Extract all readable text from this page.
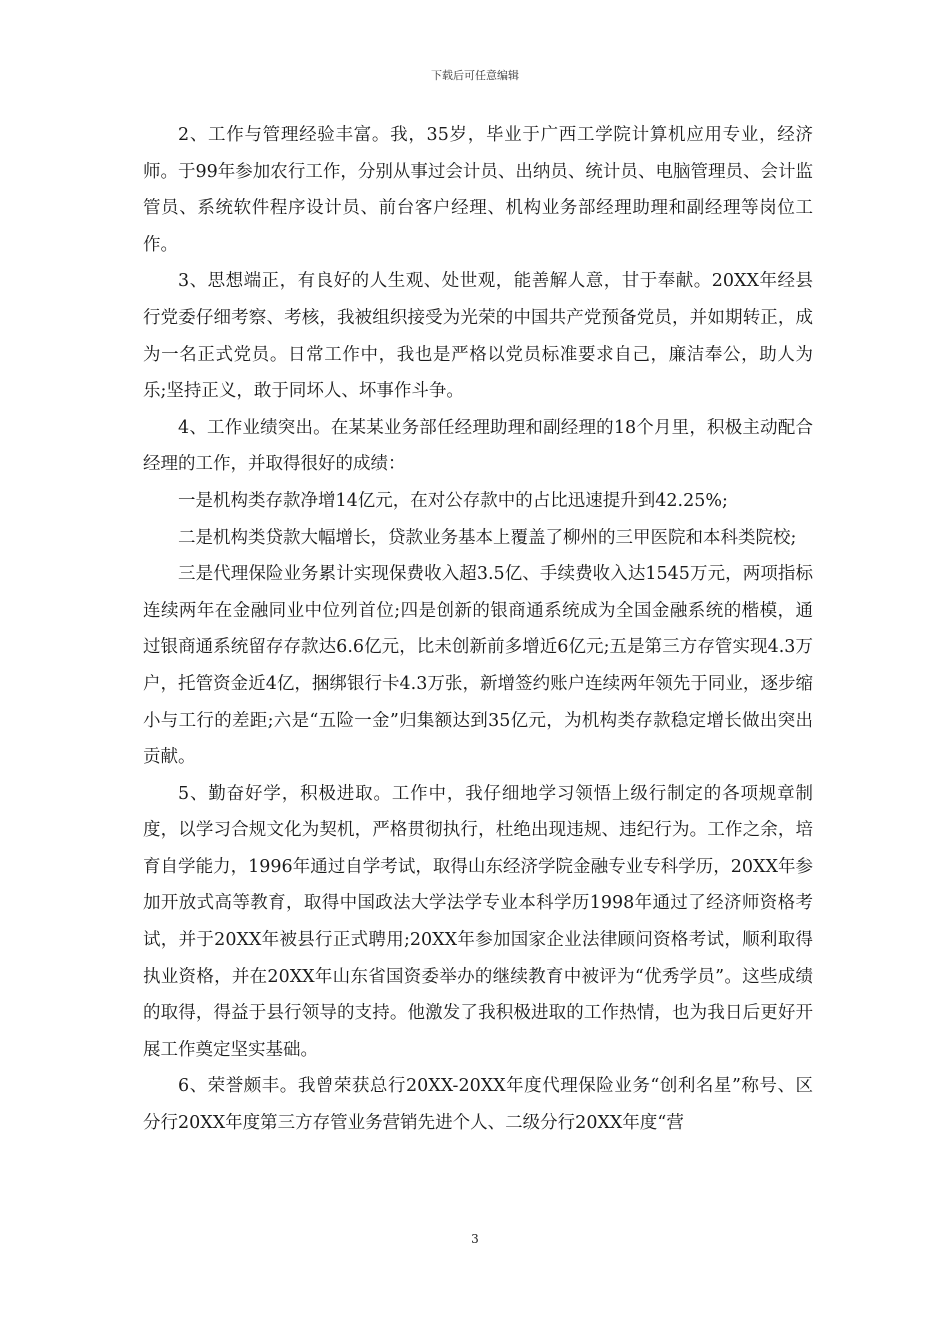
下载后可任意编辑

2、工作与管理经验丰富。我，35岁，毕业于广西工学院计算机应用专业，经济师。于99年参加农行工作，分别从事过会计员、出纳员、统计员、电脑管理员、会计监管员、系统软件程序设计员、前台客户经理、机构业务部经理助理和副经理等岗位工作。

3、思想端正，有良好的人生观、处世观，能善解人意，甘于奉献。20XX年经县行党委仔细考察、考核，我被组织接受为光荣的中国共产党预备党员，并如期转正，成为一名正式党员。日常工作中，我也是严格以党员标准要求自己，廉洁奉公，助人为乐;坚持正义，敢于同坏人、坏事作斗争。

4、工作业绩突出。在某某业务部任经理助理和副经理的18个月里，积极主动配合经理的工作，并取得很好的成绩：

一是机构类存款净增14亿元，在对公存款中的占比迅速提升到42.25%;

二是机构类贷款大幅增长，贷款业务基本上覆盖了柳州的三甲医院和本科类院校;

三是代理保险业务累计实现保费收入超3.5亿、手续费收入达1545万元，两项指标连续两年在金融同业中位列首位;四是创新的银商通系统成为全国金融系统的楷模，通过银商通系统留存存款达6.6亿元，比未创新前多增近6亿元;五是第三方存管实现4.3万户，托管资金近4亿，捆绑银行卡4.3万张，新增签约账户连续两年领先于同业，逐步缩小与工行的差距;六是“五险一金”归集额达到35亿元，为机构类存款稳定增长做出突出贡献。

5、勤奋好学，积极进取。工作中，我仔细地学习领悟上级行制定的各项规章制度，以学习合规文化为契机，严格贯彻执行，杜绝出现违规、违纪行为。工作之余，培育自学能力，1996年通过自学考试，取得山东经济学院金融专业专科学历，20XX年参加开放式高等教育，取得中国政法大学法学专业本科学历1998年通过了经济师资格考试，并于20XX年被县行正式聘用;20XX年参加国家企业法律顾问资格考试，顺利取得执业资格，并在20XX年山东省国资委举办的继续教育中被评为“优秀学员”。这些成绩的取得，得益于县行领导的支持。他激发了我积极进取的工作热情，也为我日后更好开展工作奠定坚实基础。

6、荣誉颇丰。我曾荣获总行20XX-20XX年度代理保险业务“创利名星”称号、区分行20XX年度第三方存管业务营销先进个人、二级分行20XX年度“营

3
